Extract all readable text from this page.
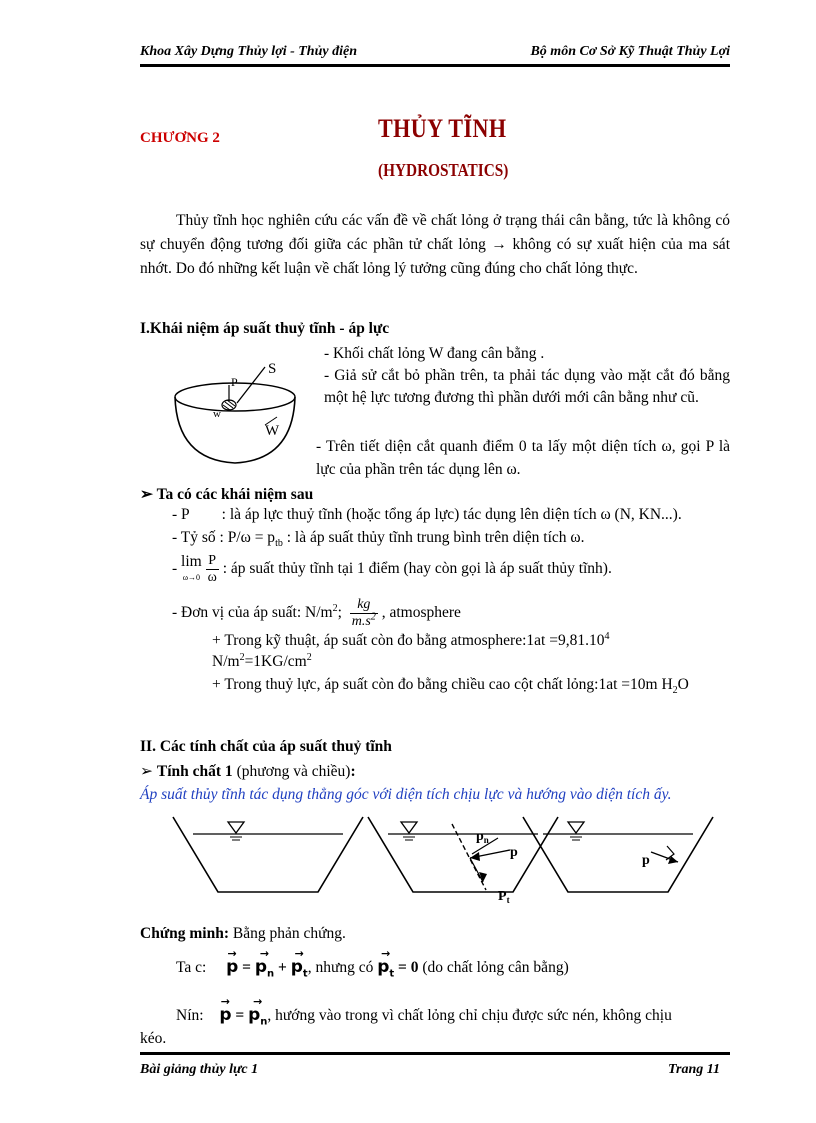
Khoa Xây Dựng Thủy lợi - Thủy điện	Bộ môn Cơ Sở Kỹ Thuật Thủy Lợi
CHƯƠNG 2	THỦY TĨNH
(HYDROSTATICS)
Thủy tĩnh học nghiên cứu các vấn đề về chất lỏng ở trạng thái cân bằng, tức là không có sự chuyển động tương đối giữa các phần tử chất lỏng → không có sự xuất hiện của ma sát nhớt. Do đó những kết luận về chất lỏng lý tưởng cũng đúng cho chất lỏng thực.
I.Khái niệm áp suất thuỷ tĩnh - áp lực
S
P
w
W
- Khối chất lỏng W đang cân bằng .
- Giả sử cắt bỏ phần trên, ta phải tác dụng vào mặt cắt đó bằng một hệ lực tương đương thì phần dưới mới cân bằng như cũ.
- Trên tiết diện cắt quanh điểm 0 ta lấy một diện tích ω, gọi P là lực của phần trên tác dụng lên ω.
➢ Ta có các khái niệm sau
- P : là áp lực thuỷ tĩnh (hoặc tổng áp lực) tác dụng lên diện tích ω (N, KN...).
- Tỷ số : $P/\omega = p_{tb}$ : là áp suất thủy tĩnh trung bình trên diện tích ω.
- lim
$\omega\to 0 \frac{P}{\omega}$ : áp suất thủy tĩnh tại 1 điểm (hay còn gọi là áp suất thủy tĩnh).
- Đơn vị của áp suất: $N/m^2$; $\frac{kg}{m.s^2}$ , atmosphere
+ Trong kỹ thuật, áp suất còn đo bằng atmosphere:1at $=9,81.10^4$
$N/m^2=1KG/cm^2$
+ Trong thuỷ lực, áp suất còn đo bằng chiều cao cột chất lỏng:1at =10m $H_2O$
II. Các tính chất của áp suất thuỷ tĩnh
➢ Tính chất 1 (phương và chiều):
Áp suất thủy tĩnh tác dụng thẳng góc với diện tích chịu lực và hướng vào diện tích ấy.
$p_n$
p
$P_t$
p
Chứng minh: Bằng phản chứng.
Ta c: → p = → $p_n$ + → $p_t$, nhưng có → $p_t = 0$ (do chất lỏng cân bằng)
Nín: → p = → $p_n$, hướng vào trong vì chất lỏng chỉ chịu được sức nén, không chịu
kéo.
Bài giảng thủy lực 1	Trang 11
